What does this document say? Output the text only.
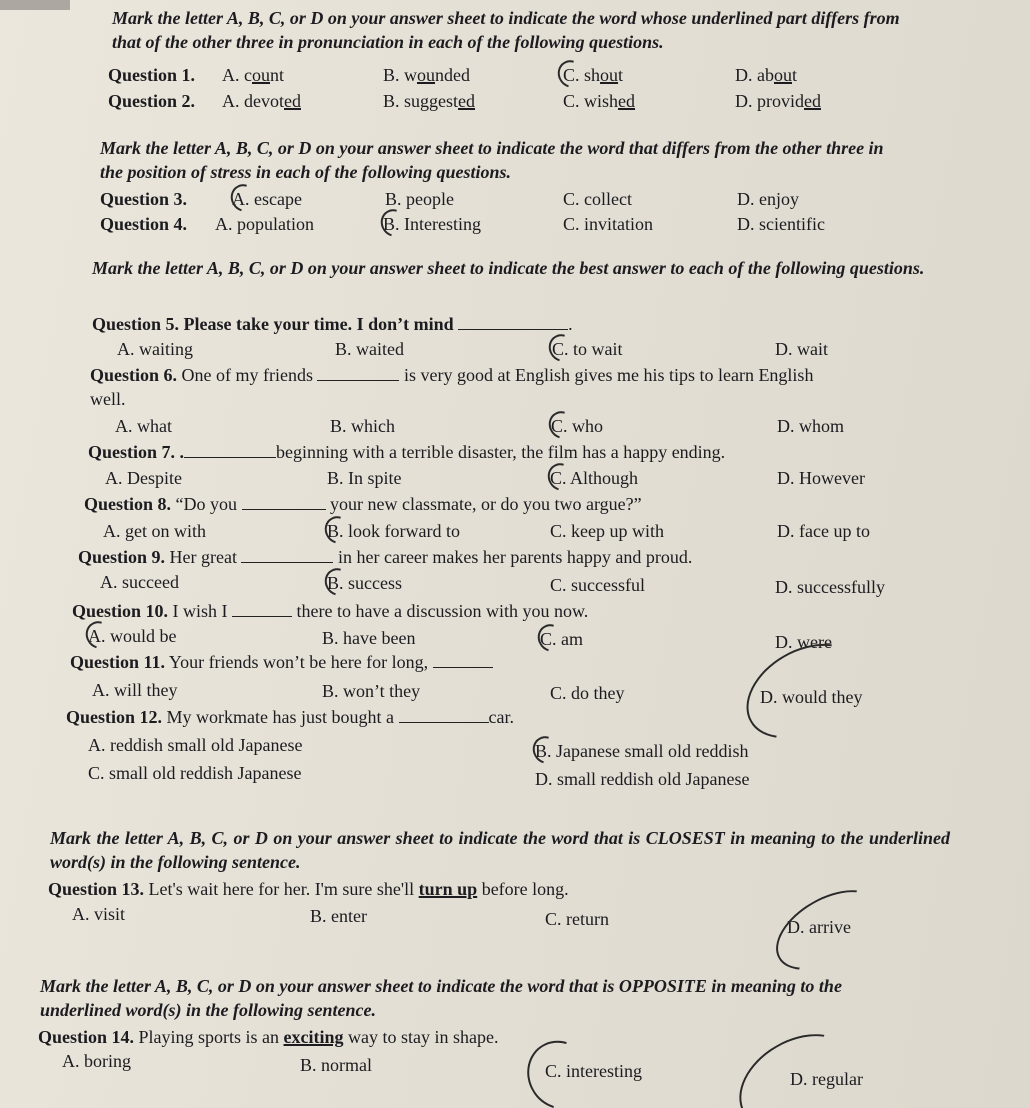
Mark the letter A, B, C, or D on your answer sheet to indicate the word whose underlined part differs from that of the other three in pronunciation in each of the following questions.
Question 1. A. count	B. wounded	C. shout	D. about
Question 2. A. devoted	B. suggested	C. wished	D. provided
Mark the letter A, B, C, or D on your answer sheet to indicate the word that differs from the other three in the position of stress in each of the following questions.
Question 3. A. escape	B. people	C. collect	D. enjoy
Question 4. A. population	B. Interesting	C. invitation	D. scientific
Mark the letter A, B, C, or D on your answer sheet to indicate the best answer to each of the following questions.
Question 5. Please take your time. I don’t mind	.
A. waiting	B. waited	C. to wait	D. wait
Question 6. One of my friends	is very good at English gives me his tips to learn English
well.
A. what	B. which	C. who	D. whom
Question 7. .	beginning with a terrible disaster, the film has a happy ending.
A. Despite	B. In spite	C. Although	D. However
Question 8. “Do you	your new classmate, or do you two argue?”
A. get on with	B. look forward to	C. keep up with	D. face up to
Question 9. Her great	in her career makes her parents happy and proud.
A. succeed	B. success	C. successful	D. successfully
Question 10. I wish I	there to have a discussion with you now.
A. would be	B. have been	C. am	D. were
Question 11. Your friends won’t be here for long,
A. will they	B. won’t they	C. do they	D. would they
Question 12. My workmate has just bought a	car.
A. reddish small old Japanese	B. Japanese small old reddish
C. small old reddish Japanese	D. small reddish old Japanese
Mark the letter A, B, C, or D on your answer sheet to indicate the word that is CLOSEST in meaning to the underlined word(s) in the following sentence.
Question 13. Let's wait here for her. I'm sure she'll turn up before long.
A. visit	B. enter	C. return	D. arrive
Mark the letter A, B, C, or D on your answer sheet to indicate the word that is OPPOSITE in meaning to the underlined word(s) in the following sentence.
Question 14. Playing sports is an exciting way to stay in shape.
A. boring	B. normal	C. interesting	D. regular
